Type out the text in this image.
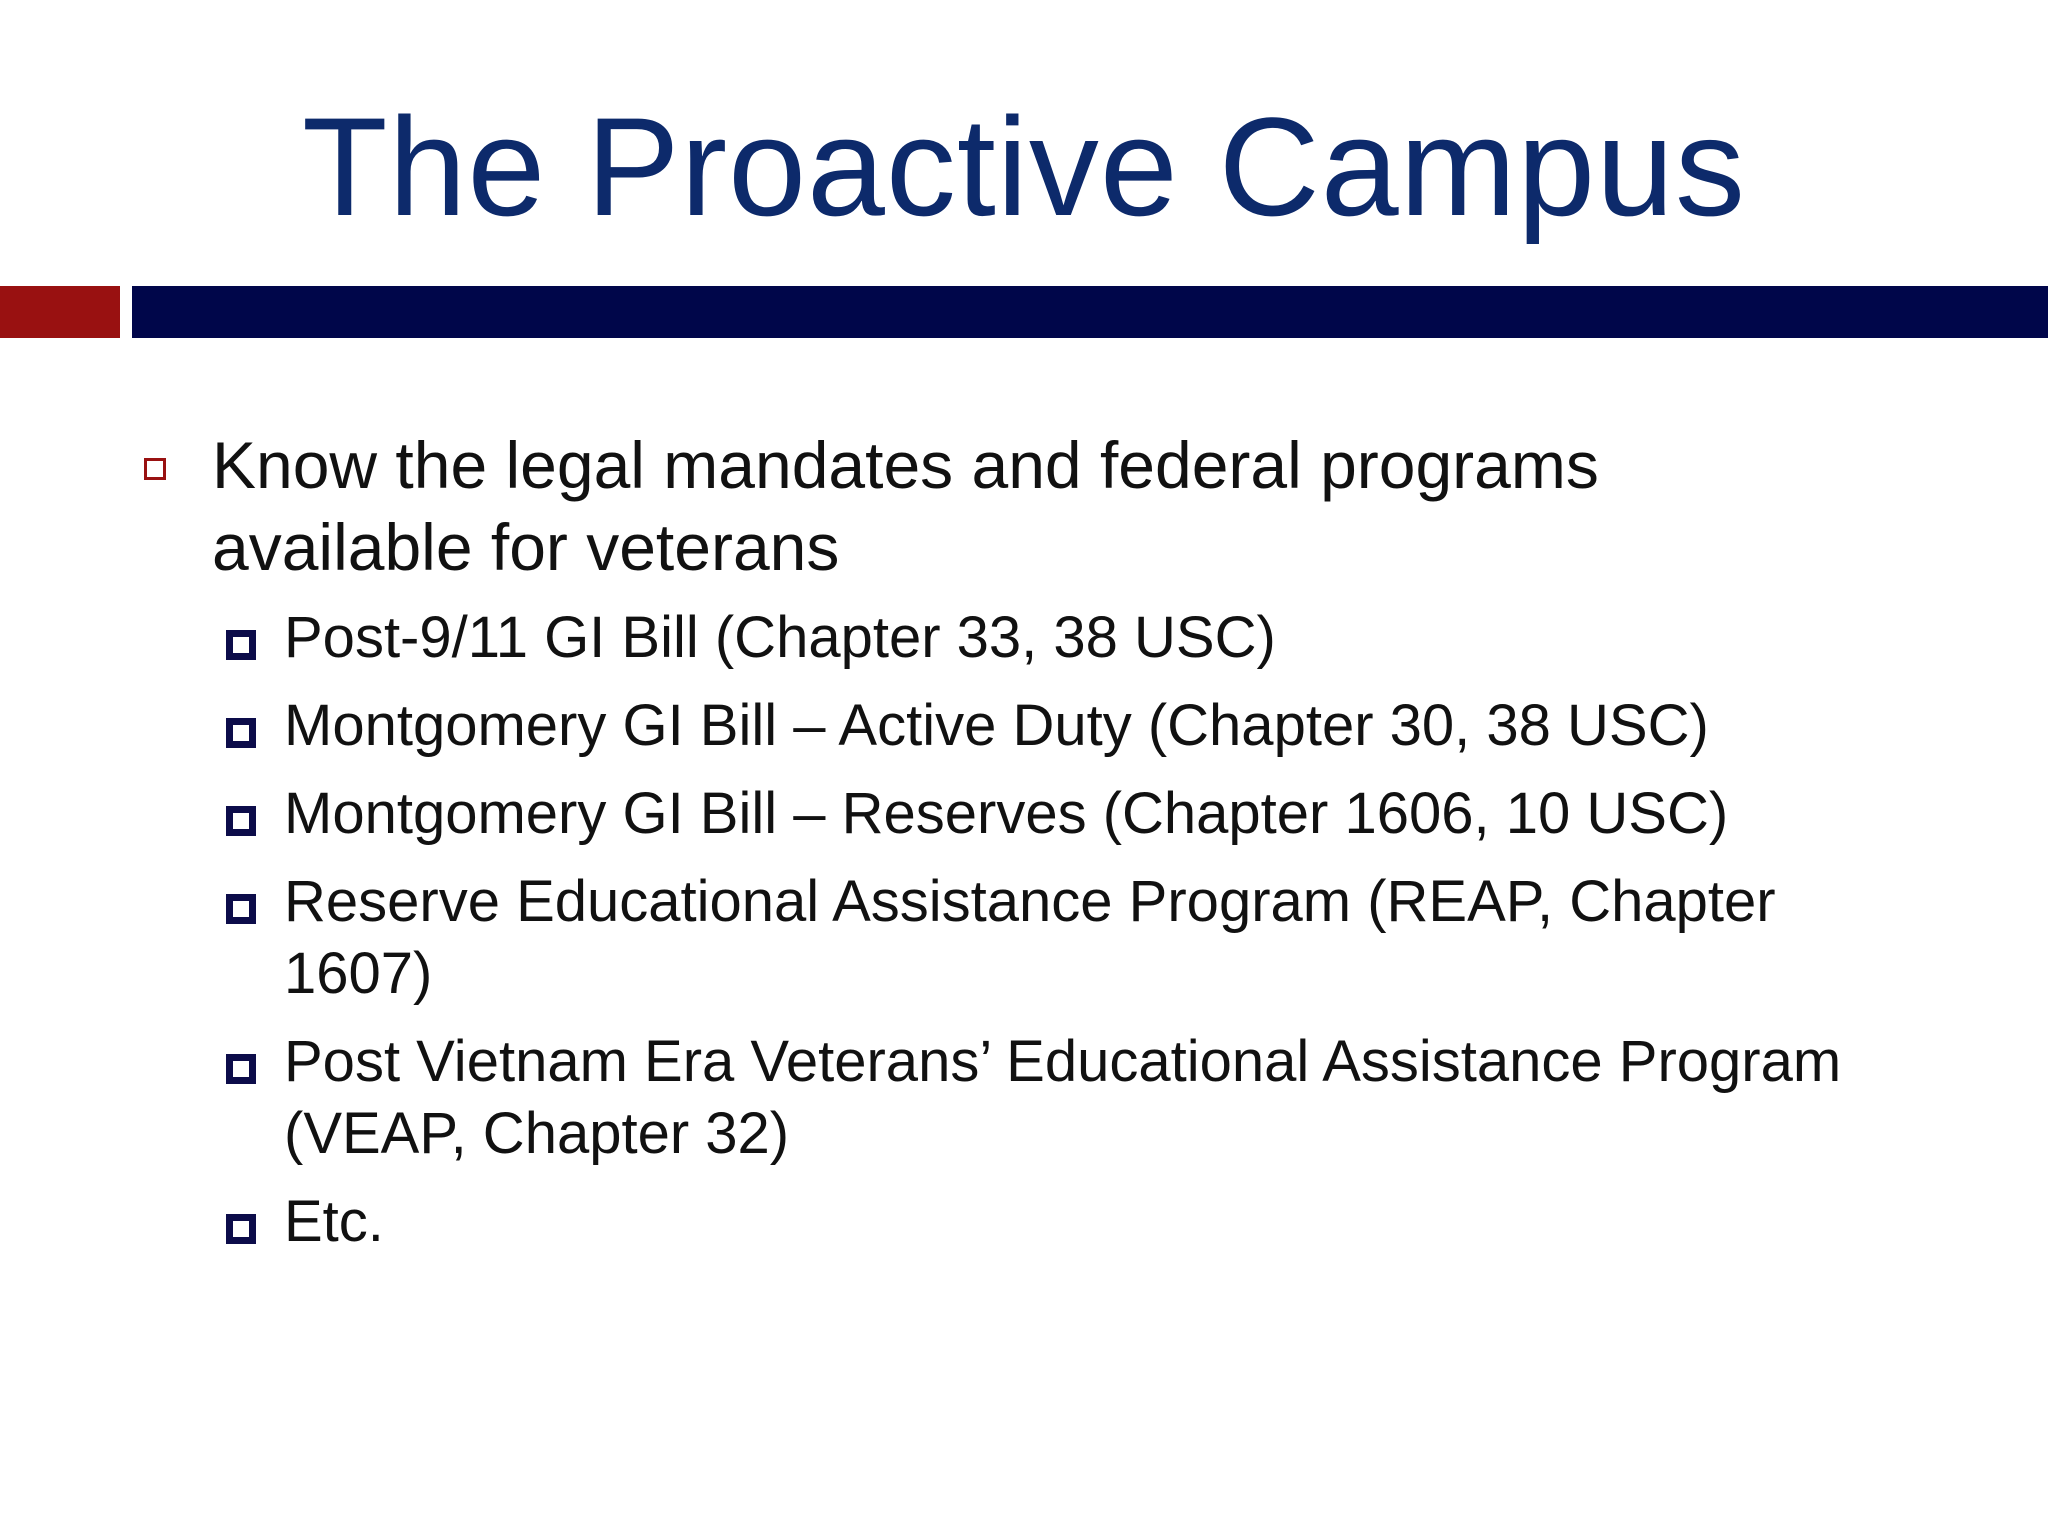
The Proactive Campus
Know the legal mandates and federal programs available for veterans
Post-9/11 GI Bill (Chapter 33, 38 USC)
Montgomery GI Bill – Active Duty (Chapter 30, 38 USC)
Montgomery GI Bill – Reserves (Chapter 1606, 10 USC)
Reserve Educational Assistance Program (REAP, Chapter 1607)
Post Vietnam Era Veterans’ Educational Assistance Program (VEAP, Chapter 32)
Etc.
